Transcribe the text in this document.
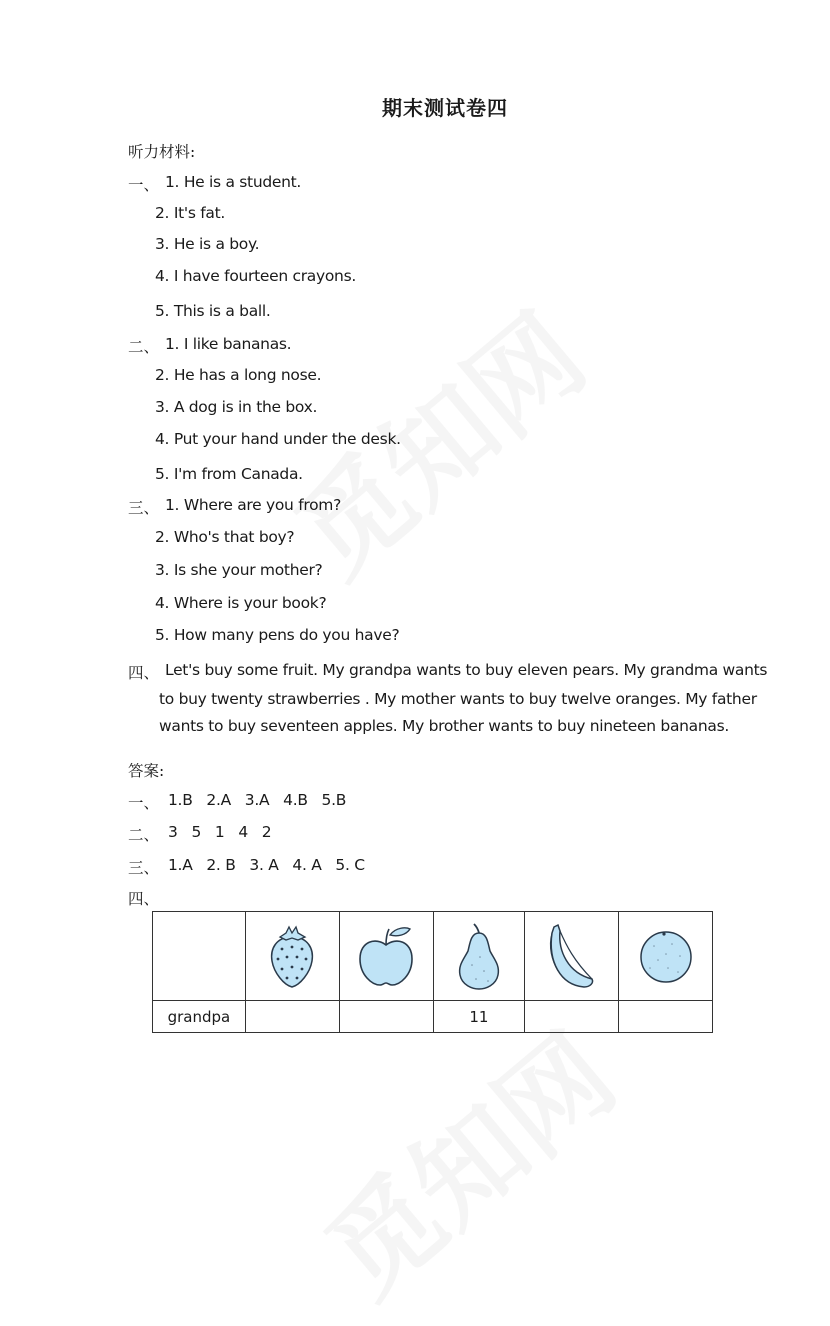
期末测试卷四
听力材料:
一、 1. He is a student.
2. It's fat.
3. He is a boy.
4. I have fourteen crayons.
5. This is a ball.
二、 1. I like bananas.
2. He has a long nose.
3. A dog is in the box.
4. Put your hand under the desk.
5. I'm from Canada.
三、 1. Where are you from?
2. Who's that boy?
3. Is she your mother?
4. Where is your book?
5. How many pens do you have?
四、 Let's buy some fruit. My grandpa wants to buy eleven pears. My grandma wants
to buy twenty strawberries . My mother wants to buy twelve oranges. My father
wants to buy seventeen apples. My brother wants to buy nineteen bananas.
答案:
一、 1.B   2.A   3.A   4.B   5.B
二、 3   5   1   4   2
三、 1.A   2. B   3. A   4. A   5. C
四、

grandpa			11		
